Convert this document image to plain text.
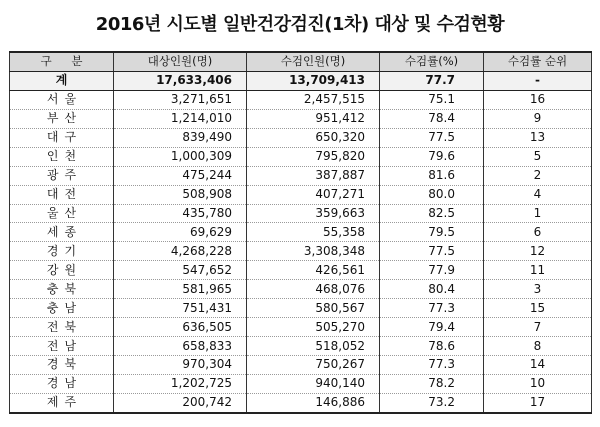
2016년 시도별 일반건강검진(1차) 대상 및 수검현황
구 분	대상인원(명)	수검인원(명)	수검률(%)	수검률 순위
계	17,633,406	13,709,413	77.7	-
서울	3,271,651	2,457,515	75.1	16
부산	1,214,010	951,412	78.4	9
대구	839,490	650,320	77.5	13
인천	1,000,309	795,820	79.6	5
광주	475,244	387,887	81.6	2
대전	508,908	407,271	80.0	4
울산	435,780	359,663	82.5	1
세종	69,629	55,358	79.5	6
경기	4,268,228	3,308,348	77.5	12
강원	547,652	426,561	77.9	11
충북	581,965	468,076	80.4	3
충남	751,431	580,567	77.3	15
전북	636,505	505,270	79.4	7
전남	658,833	518,052	78.6	8
경북	970,304	750,267	77.3	14
경남	1,202,725	940,140	78.2	10
제주	200,742	146,886	73.2	17
